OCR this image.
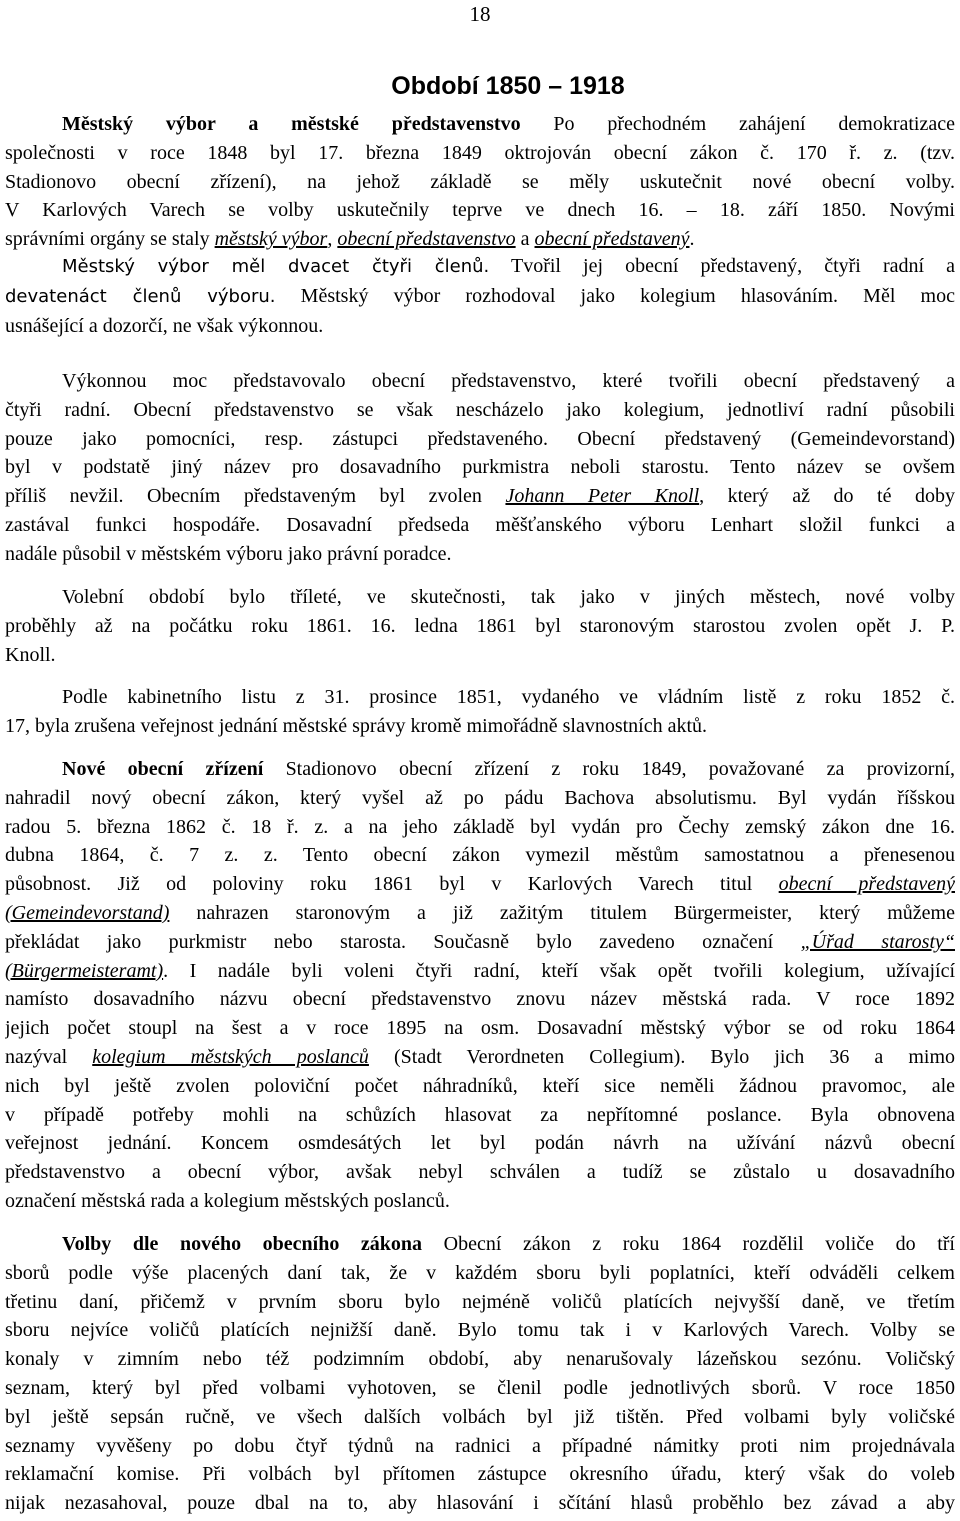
18
Období 1850 – 1918
Městský výbor a městské představenstvo Po přechodném zahájení demokratizace
společnosti v roce 1848 byl 17. března 1849 oktrojován obecní zákon č. 170 ř. z. (tzv.
Stadionovo obecní zřízení), na jehož základě se měly uskutečnit nové obecní volby.
V Karlových Varech se volby uskutečnily teprve ve dnech 16. – 18. září 1850. Novými
správními orgány se staly městský výbor, obecní představenstvo a obecní představený.
Městský výbor měl dvacet čtyři členů. Tvořil jej obecní představený, čtyři radní a
devatenáct členů výboru. Městský výbor rozhodoval jako kolegium hlasováním. Měl moc
usnášející a dozorčí, ne však výkonnou.
Výkonnou moc představovalo obecní představenstvo, které tvořili obecní představený a
čtyři radní. Obecní představenstvo se však nescházelo jako kolegium, jednotliví radní působili
pouze jako pomocníci, resp. zástupci představeného. Obecní představený (Gemeindevorstand)
byl v podstatě jiný název pro dosavadního purkmistra neboli starostu. Tento název se ovšem
příliš nevžil. Obecním představeným byl zvolen Johann Peter Knoll, který až do té doby
zastával funkci hospodáře. Dosavadní předseda měšťanského výboru Lenhart složil funkci a
nadále působil v městském výboru jako právní poradce.
Volební období bylo tříleté, ve skutečnosti, tak jako v jiných městech, nové volby
proběhly až na počátku roku 1861. 16. ledna 1861 byl staronovým starostou zvolen opět J. P.
Knoll.
Podle kabinetního listu z 31. prosince 1851, vydaného ve vládním listě z roku 1852 č.
17, byla zrušena veřejnost jednání městské správy kromě mimořádně slavnostních aktů.
Nové obecní zřízení Stadionovo obecní zřízení z roku 1849, považované za provizorní,
nahradil nový obecní zákon, který vyšel až po pádu Bachova absolutismu. Byl vydán říšskou
radou 5. března 1862 č. 18 ř. z. a na jeho základě byl vydán pro Čechy zemský zákon dne 16.
dubna 1864, č. 7 z. z. Tento obecní zákon vymezil městům samostatnou a přenesenou
působnost. Již od poloviny roku 1861 byl v Karlových Varech titul obecní představený
(Gemeindevorstand) nahrazen staronovým a již zažitým titulem Bürgermeister, který můžeme
překládat jako purkmistr nebo starosta. Současně bylo zavedeno označení „Úřad starosty“
(Bürgermeisteramt). I nadále byli voleni čtyři radní, kteří však opět tvořili kolegium, užívající
namísto dosavadního názvu obecní představenstvo znovu název městská rada. V roce 1892
jejich počet stoupl na šest a v roce 1895 na osm. Dosavadní městský výbor se od roku 1864
nazýval kolegium městských poslanců (Stadt Verordneten Collegium). Bylo jich 36 a mimo
nich byl ještě zvolen poloviční počet náhradníků, kteří sice neměli žádnou pravomoc, ale
v případě potřeby mohli na schůzích hlasovat za nepřítomné poslance. Byla obnovena
veřejnost jednání. Koncem osmdesátých let byl podán návrh na užívání názvů obecní
představenstvo a obecní výbor, avšak nebyl schválen a tudíž se zůstalo u dosavadního
označení městská rada a kolegium městských poslanců.
Volby dle nového obecního zákona Obecní zákon z roku 1864 rozdělil voliče do tří
sborů podle výše placených daní tak, že v každém sboru byli poplatníci, kteří odváděli celkem
třetinu daní, přičemž v prvním sboru bylo nejméně voličů platících nejvyšší daně, ve třetím
sboru nejvíce voličů platících nejnižší daně. Bylo tomu tak i v Karlových Varech. Volby se
konaly v zimním nebo též podzimním období, aby nenarušovaly lázeňskou sezónu. Voličský
seznam, který byl před volbami vyhotoven, se členil podle jednotlivých sborů. V roce 1850
byl ještě sepsán ručně, ve všech dalších volbách byl již tištěn. Před volbami byly voličské
seznamy vyvěšeny po dobu čtyř týdnů na radnici a případné námitky proti nim projednávala
reklamační komise. Při volbách byl přítomen zástupce okresního úřadu, který však do voleb
nijak nezasahoval, pouze dbal na to, aby hlasování i sčítání hlasů proběhlo bez závad a aby
